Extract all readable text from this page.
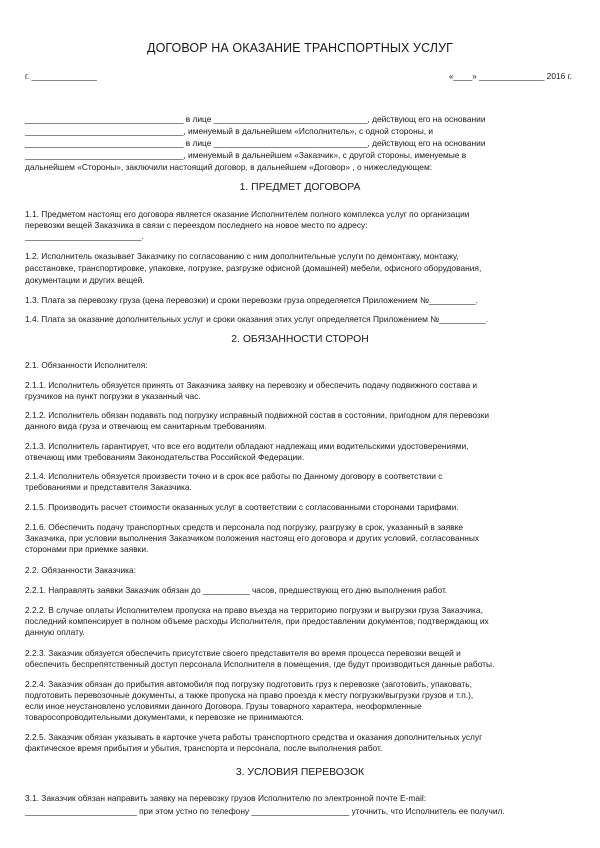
ДОГОВОР НА ОКАЗАНИЕ ТРАНСПОРТНЫХ УСЛУГ
г. ______________	«____» ______________ 2016 г.
__________________________________ в лице _________________________________, действующ его на основании
__________________________________, именуемый в дальнейшем «Исполнитель», с одной стороны, и
__________________________________ в лице _________________________________, действующ его на основании
__________________________________, именуемый в дальнейшем «Заказчик», с другой стороны, именуемые в
дальнейшем «Стороны», заключили настоящий договор, в дальнейшем «Договор» , о нижеследующем:
1. ПРЕДМЕТ ДОГОВОРА
1.1. Предметом настоящ его договора является оказание Исполнителем полного комплекса услуг по организации
перевозки вещей Заказчика в связи с переездом последнего на новое место по адресу:
_________________________.
1.2. Исполнитель оказывает Заказчику по согласованию с ним дополнительные услуги по демонтажу, монтажу,
расстановке, транспортировке, упаковке, погрузке, разгрузке офисной (домашней) мебели, офисного оборудования,
документации и других вещей.
1.3. Плата за перевозку груза (цена перевозки) и сроки перевозки груза определяется Приложением №__________.
1.4. Плата за оказание дополнительных услуг и сроки оказания этих услуг определяется Приложением №__________.
2. ОБЯЗАННОСТИ СТОРОН
2.1. Обязанности Исполнителя:
2.1.1. Исполнитель обязуется принять от Заказчика заявку на перевозку и обеспечить подачу подвижного состава и
грузчиков на пункт погрузки в указанный час.
2.1.2. Исполнитель обязан подавать под погрузку исправный подвижной состав в состоянии, пригодном для перевозки
данного вида груза и отвечающ ем санитарным требованиям.
2.1.3. Исполнитель гарантирует, что все его водители обладают надлежащ ими водительскими удостоверениями,
отвечающ ими требованиям Законодательства Российской Федерации.
2.1.4. Исполнитель обязуется произвести точно и в срок все работы по Данному договору в соответствии с
требованиями и представителя Заказчика.
2.1.5. Производить расчет стоимости оказанных услуг в соответствии с согласованными сторонами тарифами.
2.1.6. Обеспечить подачу транспортных средств и персонала под погрузку, разгрузку в срок, указанный в заявке
Заказчика, при условии выполнения Заказчиком положения настоящ его договора и других условий, согласованных
сторонами при приемке заявки.
2.2. Обязанности Заказчика:
2.2.1. Направлять заявки Заказчик обязан до __________ часов, предшествующ его дню выполнения работ.
2.2.2. В случае оплаты Исполнителем пропуска на право въезда на территорию погрузки и выгрузки груза Заказчика,
последний компенсирует в полном объеме расходы Исполнителя, при предоставлении документов, подтверждающ их
данную оплату.
2.2.3. Заказчик обязуется обеспечить присутствие своего представителя во время процесса перевозки вещей и
обеспечить беспрепятственный доступ персонала Исполнителя в помещения, где будут производиться данные работы.
2.2.4. Заказчик обязан до прибытия автомобиля под погрузку подготовить груз к перевозке (заготовить, упаковать,
подготовить перевозочные документы, а также пропуска на право проезда к месту погрузки/выгрузки грузов и т.п.),
если иное неустановлено условиями данного Договора. Грузы товарного характера, неоформленные
товаросопроводительными документами, к перевозке не принимаются.
2.2.5. Заказчик обязан указывать в карточке учета работы транспортного средства и оказания дополнительных услуг
фактическое время прибытия и убытия, транспорта и персонала, после выполнения работ.
3. УСЛОВИЯ ПЕРЕВОЗОК
3.1. Заказчик обязан направить заявку на перевозку грузов Исполнителю по электронной почте E-mail:
________________________ при этом устно по телефону _____________________ уточнить, что Исполнитель ее получил.
